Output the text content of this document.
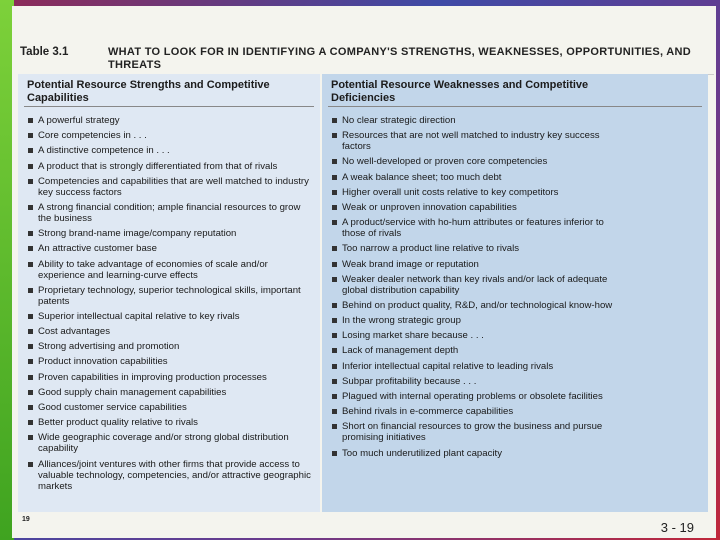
Table 3.1	WHAT TO LOOK FOR IN IDENTIFYING A COMPANY'S STRENGTHS, WEAKNESSES, OPPORTUNITIES, AND THREATS
Potential Resource Strengths and Competitive Capabilities
A powerful strategy
Core competencies in . . .
A distinctive competence in . . .
A product that is strongly differentiated from that of rivals
Competencies and capabilities that are well matched to industry key success factors
A strong financial condition; ample financial resources to grow the business
Strong brand-name image/company reputation
An attractive customer base
Ability to take advantage of economies of scale and/or experience and learning-curve effects
Proprietary technology, superior technological skills, important patents
Superior intellectual capital relative to key rivals
Cost advantages
Strong advertising and promotion
Product innovation capabilities
Proven capabilities in improving production processes
Good supply chain management capabilities
Good customer service capabilities
Better product quality relative to rivals
Wide geographic coverage and/or strong global distribution capability
Alliances/joint ventures with other firms that provide access to valuable technology, competencies, and/or attractive geographic markets
Potential Resource Weaknesses and Competitive Deficiencies
No clear strategic direction
Resources that are not well matched to industry key success factors
No well-developed or proven core competencies
A weak balance sheet; too much debt
Higher overall unit costs relative to key competitors
Weak or unproven innovation capabilities
A product/service with ho-hum attributes or features inferior to those of rivals
Too narrow a product line relative to rivals
Weak brand image or reputation
Weaker dealer network than key rivals and/or lack of adequate global distribution capability
Behind on product quality, R&D, and/or technological know-how
In the wrong strategic group
Losing market share because . . .
Lack of management depth
Inferior intellectual capital relative to leading rivals
Subpar profitability because . . .
Plagued with internal operating problems or obsolete facilities
Behind rivals in e-commerce capabilities
Short on financial resources to grow the business and pursue promising initiatives
Too much underutilized plant capacity
19
3 - 19
